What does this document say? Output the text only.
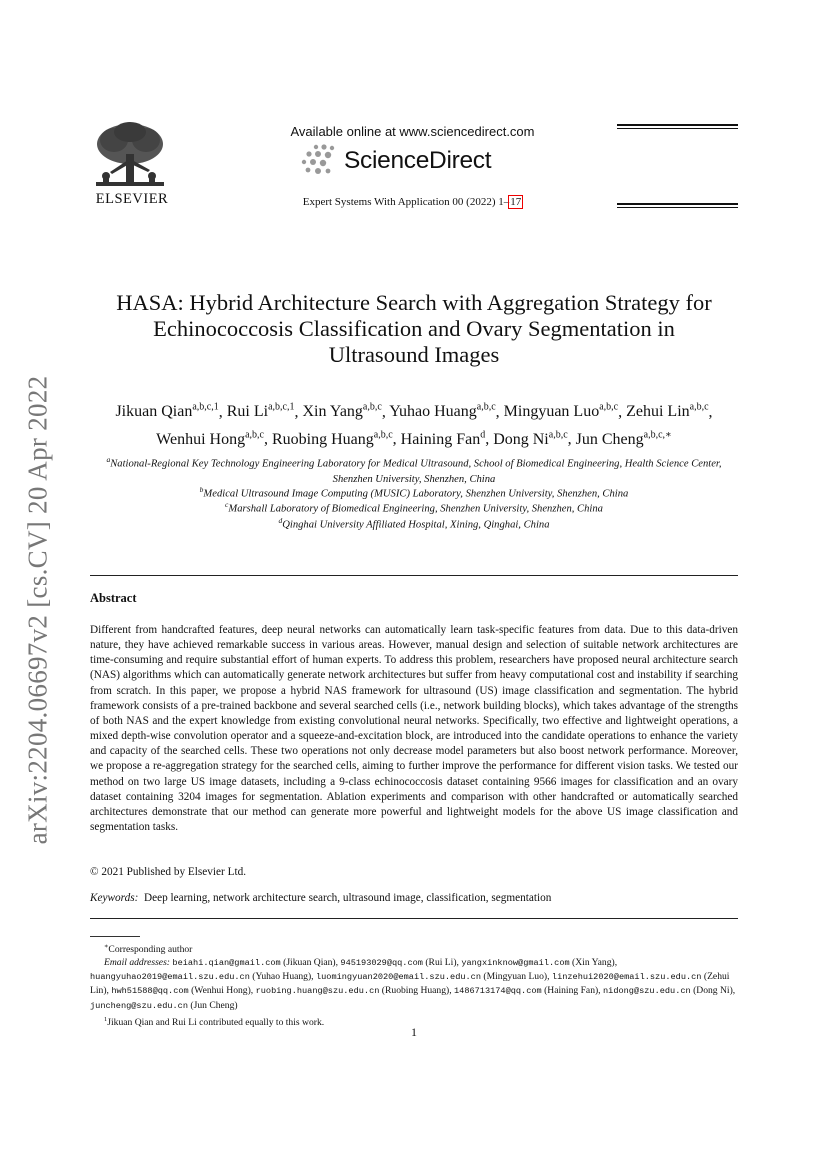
arXiv:2204.06697v2 [cs.CV] 20 Apr 2022
ELSEVIER
Available online at www.sciencedirect.com
ScienceDirect
Expert Systems With Application 00 (2022) 1–17
HASA: Hybrid Architecture Search with Aggregation Strategy for
Echinococcosis Classification and Ovary Segmentation in
Ultrasound Images
Jikuan Qian$^{a,b,c,1}$, Rui Li$^{a,b,c,1}$, Xin Yang$^{a,b,c}$, Yuhao Huang$^{a,b,c}$, Mingyuan Luo$^{a,b,c}$, Zehui Lin$^{a,b,c}$, Wenhui Hong$^{a,b,c}$, Ruobing Huang$^{a,b,c}$, Haining Fan$^d$, Dong Ni$^{a,b,c}$, Jun Cheng$^{a,b,c,∗}$
$^a$National-Regional Key Technology Engineering Laboratory for Medical Ultrasound, School of Biomedical Engineering, Health Science Center,
Shenzhen University, Shenzhen, China
$^b$Medical Ultrasound Image Computing (MUSIC) Laboratory, Shenzhen University, Shenzhen, China
$^c$Marshall Laboratory of Biomedical Engineering, Shenzhen University, Shenzhen, China
$^d$Qinghai University Affiliated Hospital, Xining, Qinghai, China
Abstract
Different from handcrafted features, deep neural networks can automatically learn task-specific features from data. Due to this data-driven nature, they have achieved remarkable success in various areas. However, manual design and selection of suitable network architectures are time-consuming and require substantial effort of human experts. To address this problem, researchers have proposed neural architecture search (NAS) algorithms which can automatically generate network architectures but suffer from heavy computational cost and instability if searching from scratch. In this paper, we propose a hybrid NAS framework for ultrasound (US) image classification and segmentation. The hybrid framework consists of a pre-trained backbone and several searched cells (i.e., network building blocks), which takes advantage of the strengths of both NAS and the expert knowledge from existing convolutional neural networks. Specifically, two effective and lightweight operations, a mixed depth-wise convolution operator and a squeeze-and-excitation block, are introduced into the candidate operations to enhance the variety and capacity of the searched cells. These two operations not only decrease model parameters but also boost network performance. Moreover, we propose a re-aggregation strategy for the searched cells, aiming to further improve the performance for different vision tasks. We tested our method on two large US image datasets, including a 9-class echinococcosis dataset containing 9566 images for classification and an ovary dataset containing 3204 images for segmentation. Ablation experiments and comparison with other handcrafted or automatically searched architectures demonstrate that our method can generate more powerful and lightweight models for the above US image classification and segmentation tasks.
© 2021 Published by Elsevier Ltd.
Keywords: Deep learning, network architecture search, ultrasound image, classification, segmentation
∗Corresponding author
Email addresses: beiahi.qian@gmail.com (Jikuan Qian), 945193029@qq.com (Rui Li), yangxinknow@gmail.com (Xin Yang), huangyuhao2019@email.szu.edu.cn (Yuhao Huang), luomingyuan2020@email.szu.edu.cn (Mingyuan Luo), linzehui2020@email.szu.edu.cn (Zehui Lin), hwh51588@qq.com (Wenhui Hong), ruobing.huang@szu.edu.cn (Ruobing Huang), 1486713174@qq.com (Haining Fan), nidong@szu.edu.cn (Dong Ni), juncheng@szu.edu.cn (Jun Cheng)
$^1$Jikuan Qian and Rui Li contributed equally to this work.
1
